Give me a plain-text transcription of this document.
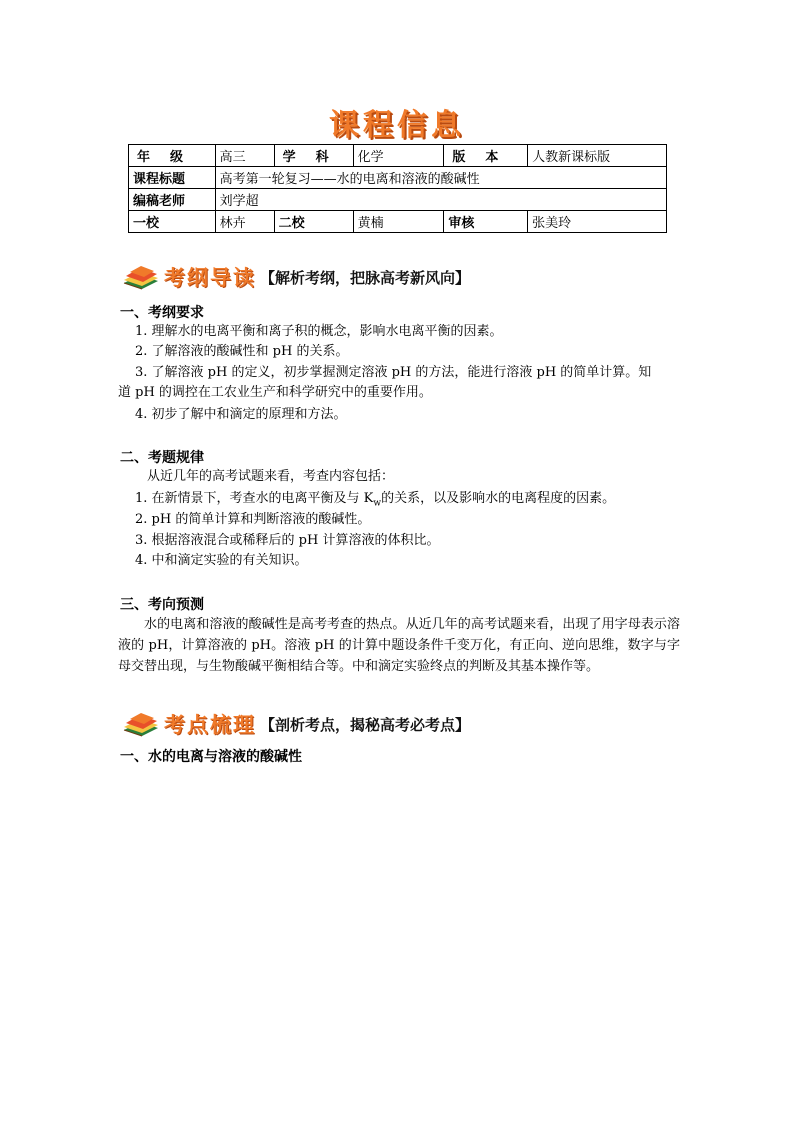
课程信息
年级	高三	学科	化学	版本	人教新课标版
课程标题	高考第一轮复习——水的电离和溶液的酸碱性				
编稿老师	刘学超				
一校	林卉	二校	黄楠	审核	张美玲
考纲导读 【解析考纲，把脉高考新风向】
一、考纲要求
1. 理解水的电离平衡和离子积的概念，影响水电离平衡的因素。
2. 了解溶液的酸碱性和 pH 的关系。
3. 了解溶液 pH 的定义，初步掌握测定溶液 pH 的方法，能进行溶液 pH 的简单计算。知
道 pH 的调控在工农业生产和科学研究中的重要作用。
4. 初步了解中和滴定的原理和方法。
二、考题规律
从近几年的高考试题来看，考查内容包括：
1. 在新情景下，考查水的电离平衡及与 $K_w$的关系，以及影响水的电离程度的因素。
2. pH 的简单计算和判断溶液的酸碱性。
3. 根据溶液混合或稀释后的 pH 计算溶液的体积比。
4. 中和滴定实验的有关知识。
三、考向预测
水的电离和溶液的酸碱性是高考考查的热点。从近几年的高考试题来看，出现了用字母表示溶液的 pH，计算溶液的 pH。溶液 pH 的计算中题设条件千变万化，有正向、逆向思维，数字与字母交替出现，与生物酸碱平衡相结合等。中和滴定实验终点的判断及其基本操作等。
考点梳理 【剖析考点，揭秘高考必考点】
一、水的电离与溶液的酸碱性
